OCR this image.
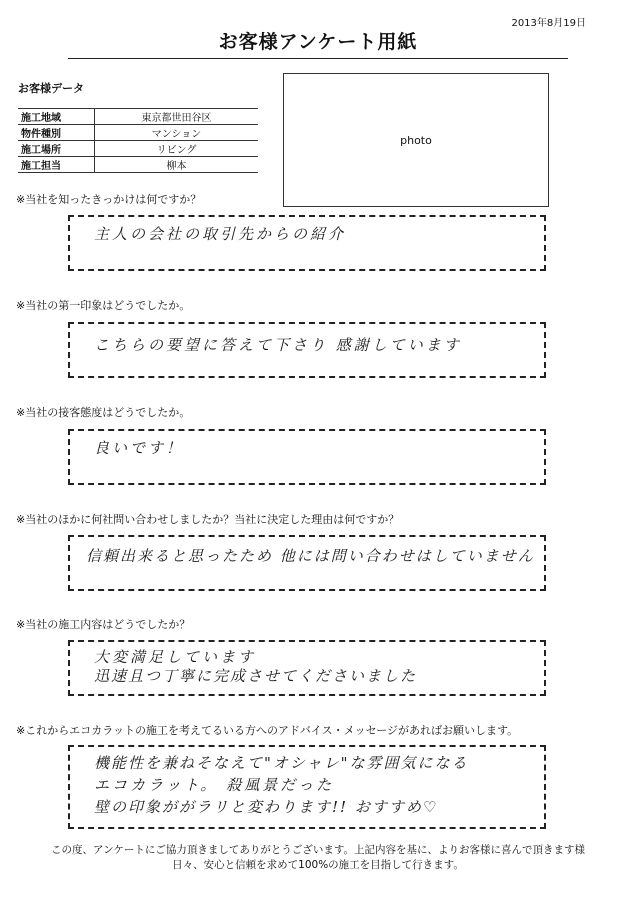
2013年8月19日
お客様アンケート用紙
お客様データ
施工地域	東京都世田谷区
物件種別	マンション
施工場所	リビング
施工担当	柳本
photo
※当社を知ったきっかけは何ですか？
主人の会社の取引先からの紹介
※当社の第一印象はどうでしたか。
こちらの要望に答えて下さり 感謝しています
※当社の接客態度はどうでしたか。
良いです！
※当社のほかに何社問い合わせしましたか？当社に決定した理由は何ですか？
信頼出来ると思ったため 他には問い合わせはしていません
※当社の施工内容はどうでしたか？
大変満足しています
迅速且つ丁寧に完成させてくださいました
※これからエコカラットの施工を考えてるいる方へのアドバイス・メッセージがあればお願いします。
機能性を兼ねそなえて"オシャレ"な雰囲気になる
エコカラット。 殺風景だった
壁の印象ががラリと変わります!! おすすめ♡
この度、アンケートにご協力頂きましてありがとうございます。上記内容を基に、よりお客様に喜んで頂きます様
日々、安心と信頼を求めて100%の施工を目指して行きます。
